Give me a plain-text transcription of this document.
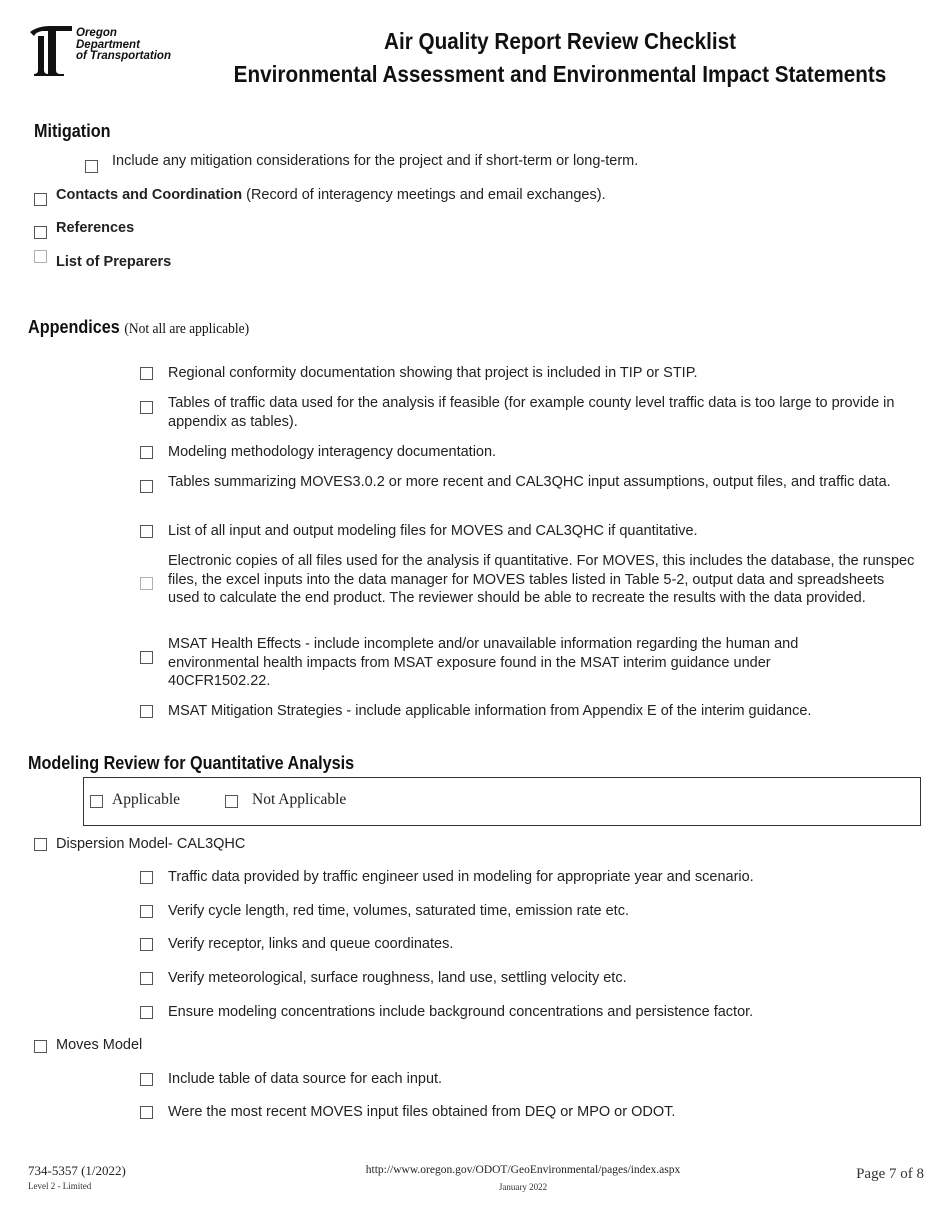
Oregon
Department
of Transportation
Air Quality Report Review Checklist
Environmental Assessment and Environmental Impact Statements
Mitigation
Include any mitigation considerations for the project and if short-term or long-term.
Contacts and Coordination (Record of interagency meetings and email exchanges).
References
List of Preparers
Appendices (Not all are applicable)
Regional conformity documentation showing that project is included in TIP or STIP.
Tables of traffic data used for the analysis if feasible (for example county level traffic data is too large to provide in appendix as tables).
Modeling methodology interagency documentation.
Tables summarizing MOVES3.0.2 or more recent and CAL3QHC input assumptions, output files, and traffic data.
List of all input and output modeling files for MOVES and CAL3QHC if quantitative.
Electronic copies of all files used for the analysis if quantitative. For MOVES, this includes the database, the runspec files, the excel inputs into the data manager for MOVES tables listed in Table 5-2, output data and spreadsheets used to calculate the end product. The reviewer should be able to recreate the results with the data provided.
MSAT Health Effects - include incomplete and/or unavailable information regarding the human and environmental health impacts from MSAT exposure found in the MSAT interim guidance under 40CFR1502.22.
MSAT Mitigation Strategies - include applicable information from Appendix E of the interim guidance.
Modeling Review for Quantitative Analysis
Applicable	Not Applicable
Dispersion Model- CAL3QHC
Traffic data provided by traffic engineer used in modeling for appropriate year and scenario.
Verify cycle length, red time, volumes, saturated time, emission rate etc.
Verify receptor, links and queue coordinates.
Verify meteorological, surface roughness, land use, settling velocity etc.
Ensure modeling concentrations include background concentrations and persistence factor.
Moves Model
Include table of data source for each input.
Were the most recent MOVES input files obtained from DEQ or MPO or ODOT.
734-5357 (1/2022)
Level 2 - Limited
http://www.oregon.gov/ODOT/GeoEnvironmental/pages/index.aspx
January 2022
Page 7 of 8
